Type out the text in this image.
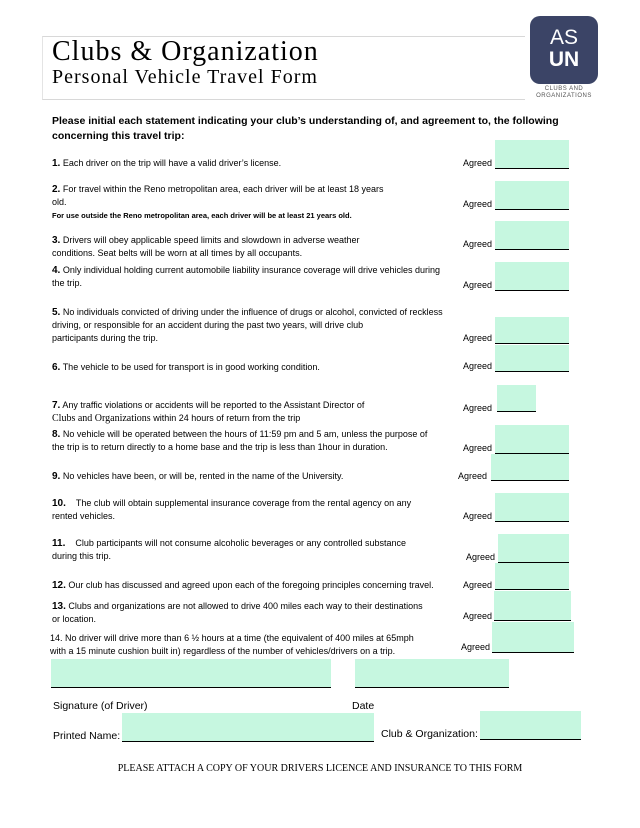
Clubs & Organization
Personal Vehicle Travel Form
AS
UN
CLUBS AND
ORGANIZATIONS
Please initial each statement indicating your club’s understanding of, and agreement to, the following concerning this travel trip:
1. Each driver on the trip will have a valid driver’s license.	Agreed
2. For travel within the Reno metropolitan area, each driver will be at least 18 years
old.
For use outside the Reno metropolitan area, each driver will be at least 21 years old.
Agreed
3. Drivers will obey applicable speed limits and slowdown in adverse weather
conditions. Seat belts will be worn at all times by all occupants.
Agreed
4. Only individual holding current automobile liability insurance coverage will drive vehicles during
the trip.	Agreed
5. No individuals convicted of driving under the influence of drugs or alcohol, convicted of reckless
driving, or responsible for an accident during the past two years, will drive club
participants during the trip.	Agreed
6. The vehicle to be used for transport is in good working condition.	Agreed
7. Any traffic violations or accidents will be reported to the Assistant Director of
Clubs and Organizations within 24 hours of return from the trip
Agreed
8. No vehicle will be operated between the hours of 11:59 pm and 5 am, unless the purpose of
the trip is to return directly to a home base and the trip is less than 1hour in duration.	Agreed
9. No vehicles have been, or will be, rented in the name of the University.	Agreed
10. The club will obtain supplemental insurance coverage from the rental agency on any
rented vehicles.	Agreed
11. Club participants will not consume alcoholic beverages or any controlled substance
during this trip.	Agreed
12. Our club has discussed and agreed upon each of the foregoing principles concerning travel.	Agreed
13. Clubs and organizations are not allowed to drive 400 miles each way to their destinations
or location.	Agreed
14. No driver will drive more than 6 ½ hours at a time (the equivalent of 400 miles at 65mph
with a 15 minute cushion built in) regardless of the number of vehicles/drivers on a trip.	Agreed
Signature (of Driver)	Date
Printed Name:	Club & Organization:
PLEASE ATTACH A COPY OF YOUR DRIVERS LICENCE AND INSURANCE TO THIS FORM
